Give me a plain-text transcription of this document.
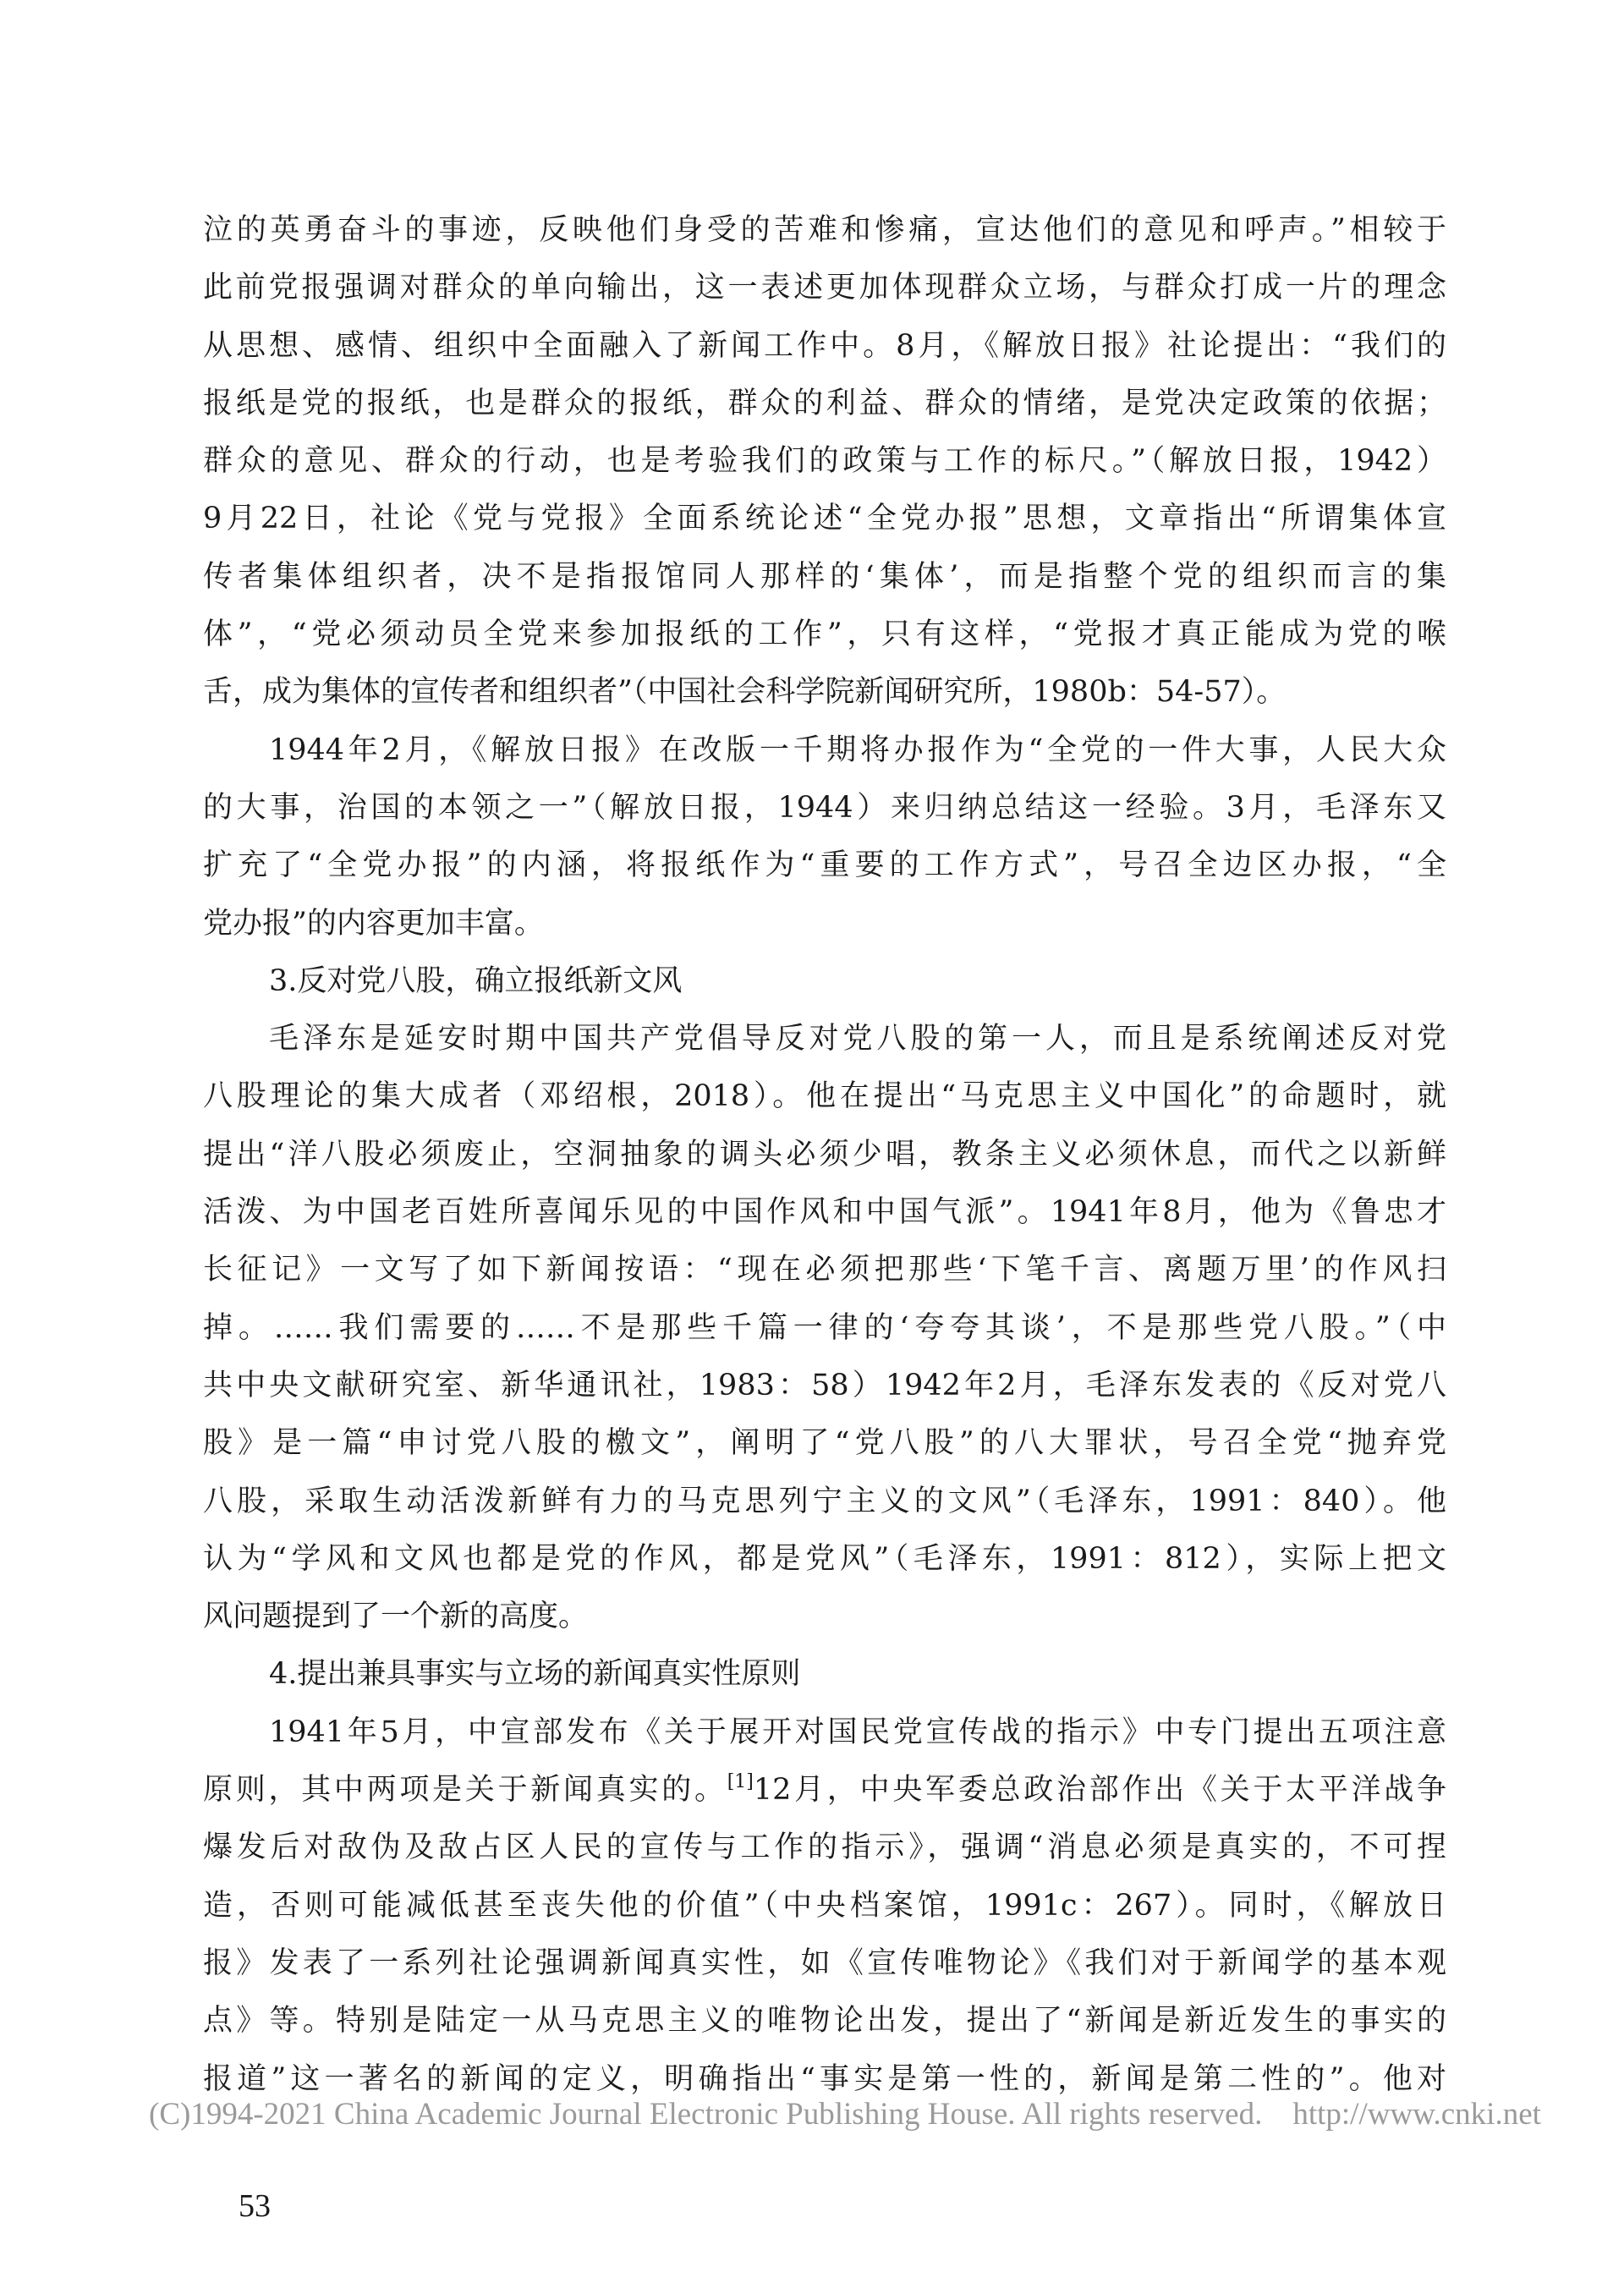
泣的英勇奋斗的事迹，反映他们身受的苦难和惨痛，宣达他们的意见和呼声。”相较于
此前党报强调对群众的单向输出，这一表述更加体现群众立场，与群众打成一片的理念
从思想、感情、组织中全面融入了新闻工作中。8月，《解放日报》社论提出：“我们的
报纸是党的报纸，也是群众的报纸，群众的利益、群众的情绪，是党决定政策的依据；
群众的意见、群众的行动，也是考验我们的政策与工作的标尺。”（解放日报，1942）
9月22日，社论《党与党报》全面系统论述“全党办报”思想，文章指出“所谓集体宣
传者集体组织者，决不是指报馆同人那样的‘集体’，而是指整个党的组织而言的集
体”，“党必须动员全党来参加报纸的工作”，只有这样，“党报才真正能成为党的喉
舌，成为集体的宣传者和组织者”（中国社会科学院新闻研究所，1980b：54-57）。
1944年2月，《解放日报》在改版一千期将办报作为“全党的一件大事，人民大众
的大事，治国的本领之一”（解放日报，1944）来归纳总结这一经验。3月，毛泽东又
扩充了“全党办报”的内涵，将报纸作为“重要的工作方式”，号召全边区办报，“全
党办报”的内容更加丰富。
3.反对党八股，确立报纸新文风
毛泽东是延安时期中国共产党倡导反对党八股的第一人，而且是系统阐述反对党
八股理论的集大成者（邓绍根，2018）。他在提出“马克思主义中国化”的命题时，就
提出“洋八股必须废止，空洞抽象的调头必须少唱，教条主义必须休息，而代之以新鲜
活泼、为中国老百姓所喜闻乐见的中国作风和中国气派”。1941年8月，他为《鲁忠才
长征记》一文写了如下新闻按语：“现在必须把那些‘下笔千言、离题万里’的作风扫
掉。……我们需要的……不是那些千篇一律的‘夸夸其谈’，不是那些党八股。”（中
共中央文献研究室、新华通讯社，1983：58）1942年2月，毛泽东发表的《反对党八
股》是一篇“申讨党八股的檄文”，阐明了“党八股”的八大罪状，号召全党“抛弃党
八股，采取生动活泼新鲜有力的马克思列宁主义的文风”（毛泽东，1991：840）。他
认为“学风和文风也都是党的作风，都是党风”（毛泽东，1991：812），实际上把文
风问题提到了一个新的高度。
4.提出兼具事实与立场的新闻真实性原则
1941年5月，中宣部发布《关于展开对国民党宣传战的指示》中专门提出五项注意
原则，其中两项是关于新闻真实的。[1]12月，中央军委总政治部作出《关于太平洋战争
爆发后对敌伪及敌占区人民的宣传与工作的指示》，强调“消息必须是真实的，不可捏
造，否则可能减低甚至丧失他的价值”（中央档案馆，1991c：267）。同时，《解放日
报》发表了一系列社论强调新闻真实性，如《宣传唯物论》《我们对于新闻学的基本观
点》等。特别是陆定一从马克思主义的唯物论出发，提出了“新闻是新近发生的事实的
报道”这一著名的新闻的定义，明确指出“事实是第一性的，新闻是第二性的”。他对
(C)1994-2021 China Academic Journal Electronic Publishing House. All rights reserved. http://www.cnki.net
53
